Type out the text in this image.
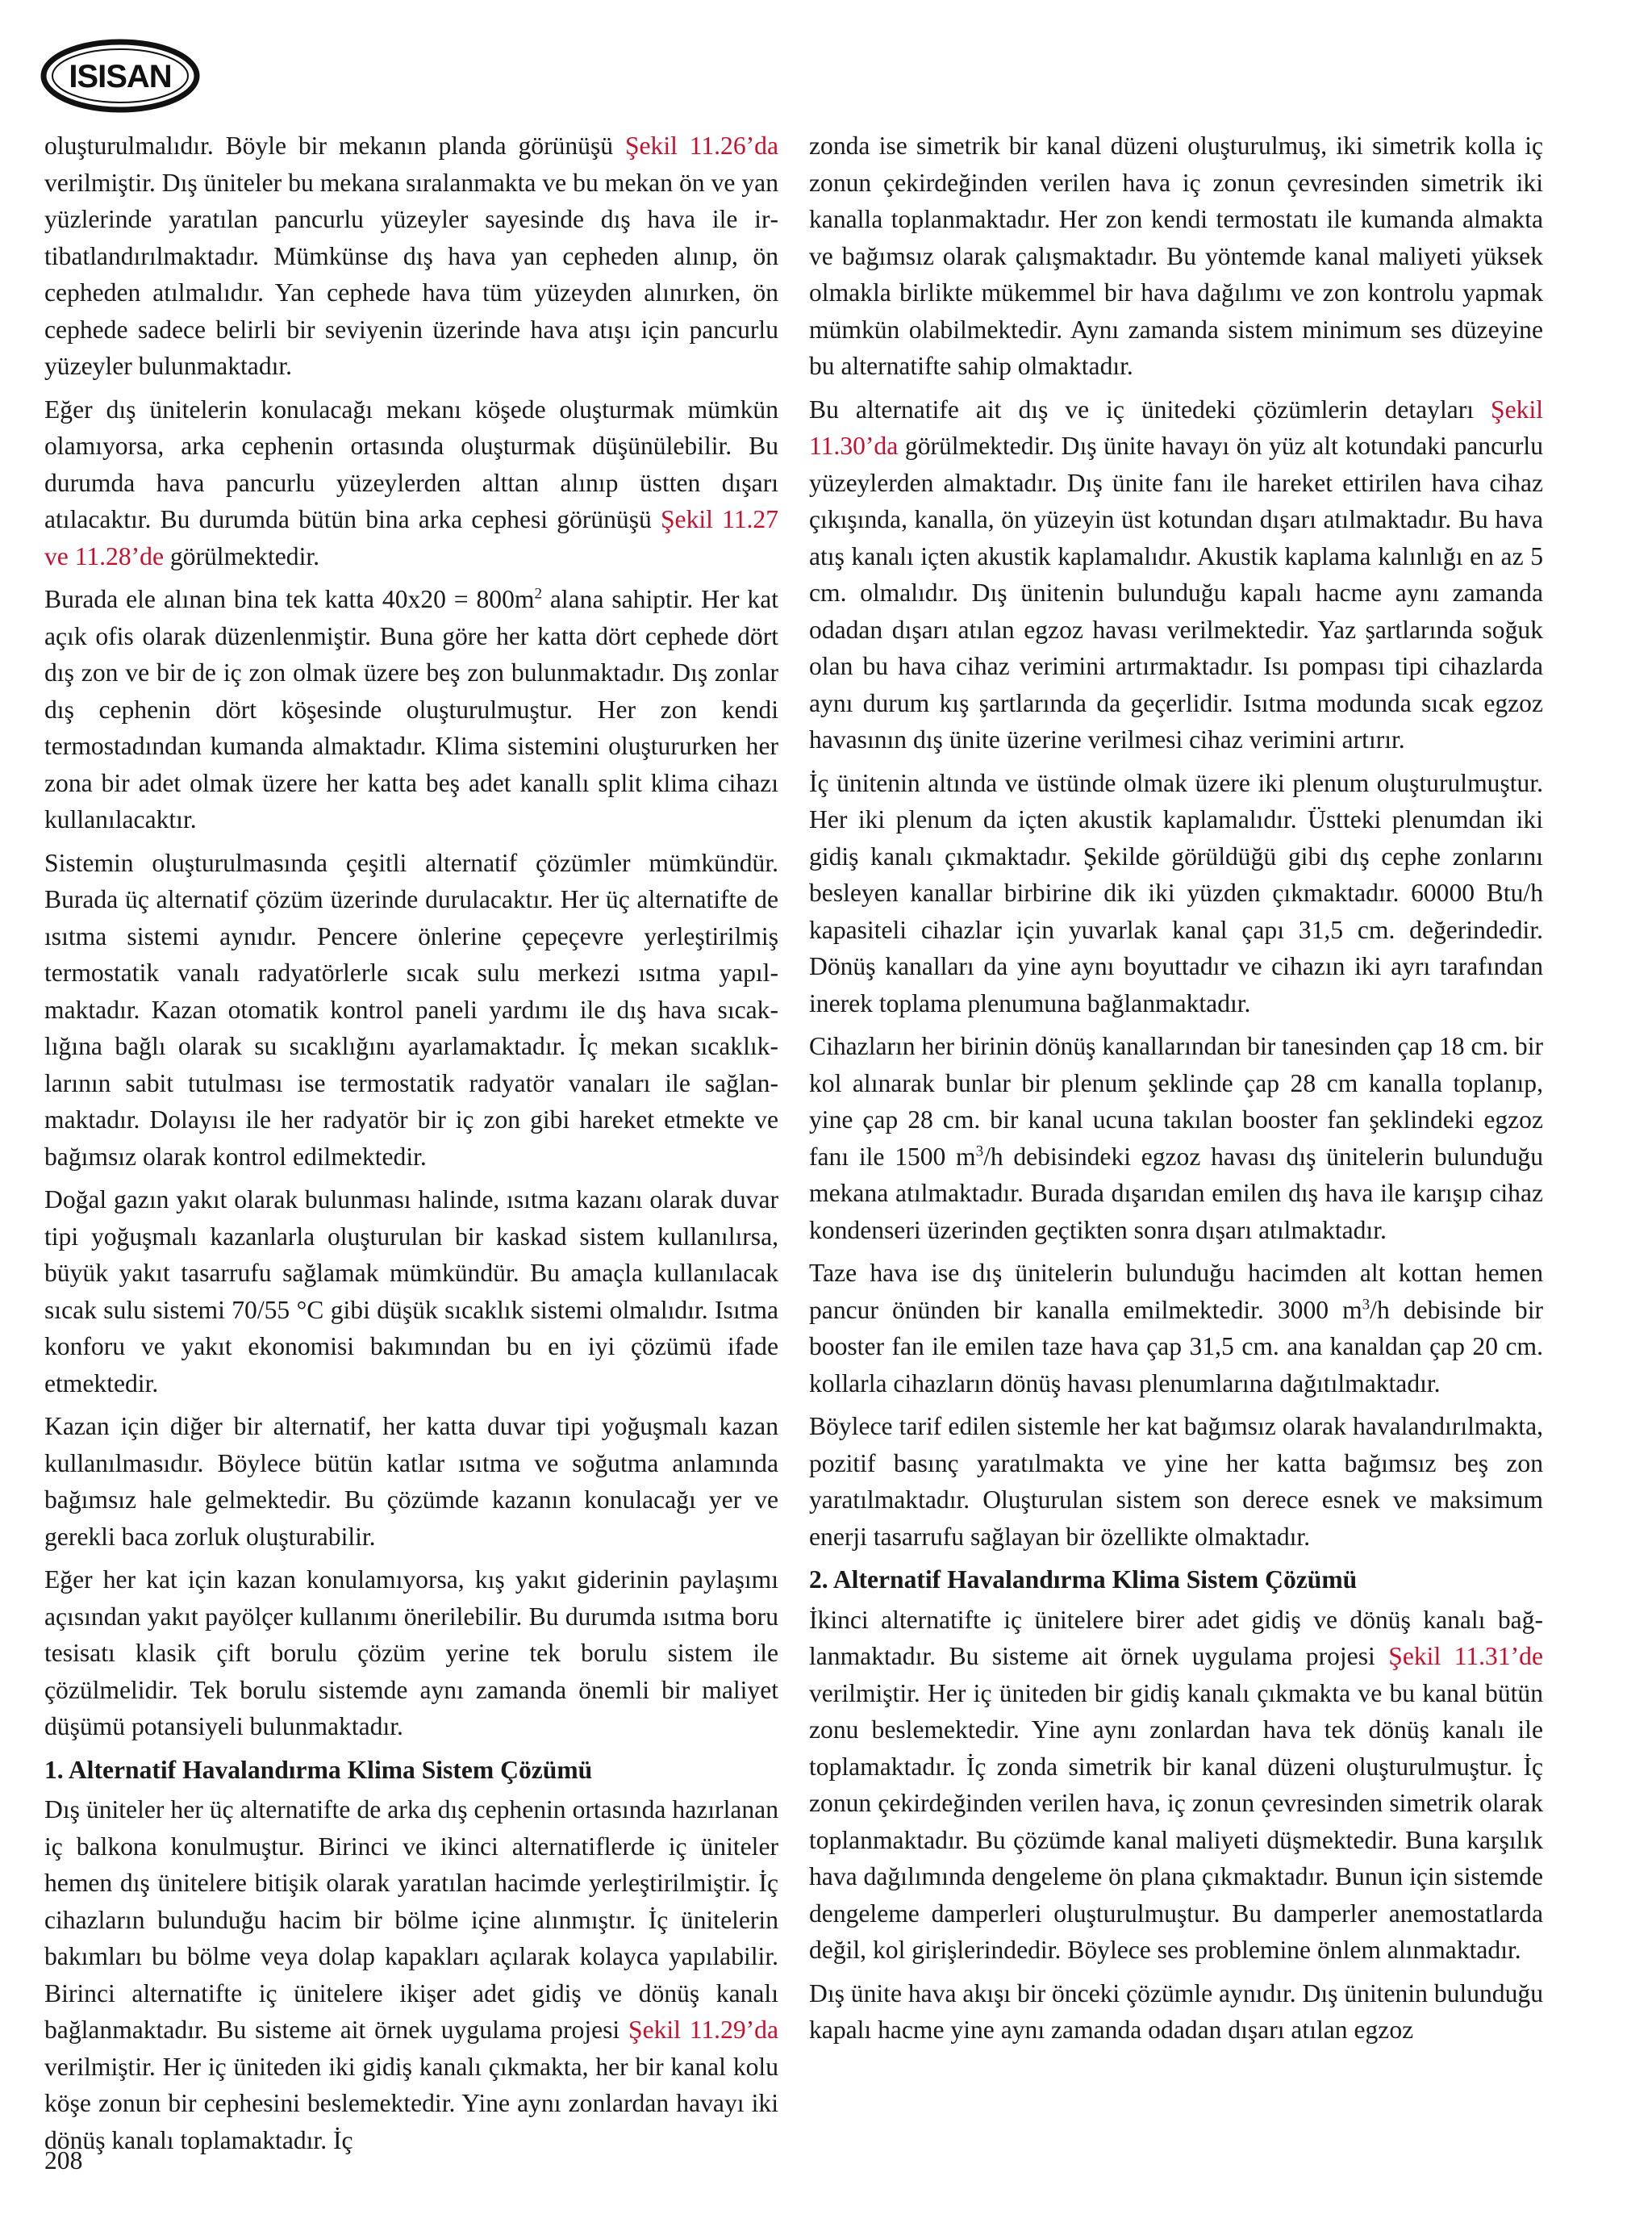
ISISAN

oluşturulmalıdır. Böyle bir mekanın planda görünüşü Şekil 11.26’da verilmiştir. Dış üniteler bu mekana sıralanmakta ve bu mekan ön ve yan yüzlerinde yaratılan pancurlu yüzeyler sayesinde dış hava ile irtibatlandırılmaktadır. Mümkünse dış hava yan cepheden alınıp, ön cepheden atılmalıdır. Yan cephede hava tüm yüzeyden alınırken, ön cephede sadece belirli bir seviyenin üzerinde hava atışı için pancurlu yüzeyler bulunmaktadır.

Eğer dış ünitelerin konulacağı mekanı köşede oluşturmak mümkün olamıyorsa, arka cephenin ortasında oluşturmak düşünülebilir. Bu durumda hava pancurlu yüzeylerden alttan alınıp üstten dışarı atılacaktır. Bu durumda bütün bina arka cephesi görünüşü Şekil 11.27 ve 11.28’de görülmektedir.

Burada ele alınan bina tek katta $40x20 = 800m^2$ alana sahiptir. Her kat açık ofis olarak düzenlenmiştir. Buna göre her katta dört cephede dört dış zon ve bir de iç zon olmak üzere beş zon bulunmaktadır. Dış zonlar dış cephenin dört köşesinde oluşturulmuştur. Her zon kendi termostadından kumanda almaktadır. Klima sistemini oluştururken her zona bir adet olmak üzere her katta beş adet kanallı split klima cihazı kullanılacaktır.

Sistemin oluşturulmasında çeşitli alternatif çözümler mümkündür. Burada üç alternatif çözüm üzerinde durulacaktır. Her üç alternatifte de ısıtma sistemi aynıdır. Pencere önlerine çepeçevre yerleştirilmiş termostatik vanalı radyatörlerle sıcak sulu merkezi ısıtma yapılmaktadır. Kazan otomatik kontrol paneli yardımı ile dış hava sıcaklığına bağlı olarak su sıcaklığını ayarlamaktadır. İç mekan sıcaklıklarının sabit tutulması ise termostatik radyatör vanaları ile sağlanmaktadır. Dolayısı ile her radyatör bir iç zon gibi hareket etmekte ve bağımsız olarak kontrol edilmektedir.

Doğal gazın yakıt olarak bulunması halinde, ısıtma kazanı olarak duvar tipi yoğuşmalı kazanlarla oluşturulan bir kaskad sistem kullanılırsa, büyük yakıt tasarrufu sağlamak mümkündür. Bu amaçla kullanılacak sıcak sulu sistemi 70/55 °C gibi düşük sıcaklık sistemi olmalıdır. Isıtma konforu ve yakıt ekonomisi bakımından bu en iyi çözümü ifade etmektedir.

Kazan için diğer bir alternatif, her katta duvar tipi yoğuşmalı kazan kullanılmasıdır. Böylece bütün katlar ısıtma ve soğutma anlamında bağımsız hale gelmektedir. Bu çözümde kazanın konulacağı yer ve gerekli baca zorluk oluşturabilir.

Eğer her kat için kazan konulamıyorsa, kış yakıt giderinin paylaşımı açısından yakıt payölçer kullanımı önerilebilir. Bu durumda ısıtma boru tesisatı klasik çift borulu çözüm yerine tek borulu sistem ile çözülmelidir. Tek borulu sistemde aynı zamanda önemli bir maliyet düşümü potansiyeli bulunmaktadır.

1. Alternatif Havalandırma Klima Sistem Çözümü

Dış üniteler her üç alternatifte de arka dış cephenin ortasında hazırlanan iç balkona konulmuştur. Birinci ve ikinci alternatiflerde iç üniteler hemen dış ünitelere bitişik olarak yaratılan hacimde yerleştirilmiştir. İç cihazların bulunduğu hacim bir bölme içine alınmıştır. İç ünitelerin bakımları bu bölme veya dolap kapakları açılarak kolayca yapılabilir. Birinci alternatifte iç ünitelere ikişer adet gidiş ve dönüş kanalı bağlanmaktadır. Bu sisteme ait örnek uygulama projesi Şekil 11.29’da verilmiştir. Her iç üniteden iki gidiş kanalı çıkmakta, her bir kanal kolu köşe zonun bir cephesini beslemektedir. Yine aynı zonlardan havayı iki dönüş kanalı toplamaktadır. İç

zonda ise simetrik bir kanal düzeni oluşturulmuş, iki simetrik kolla iç zonun çekirdeğinden verilen hava iç zonun çevresinden simetrik iki kanalla toplanmaktadır. Her zon kendi termostatı ile kumanda almakta ve bağımsız olarak çalışmaktadır. Bu yöntemde kanal maliyeti yüksek olmakla birlikte mükemmel bir hava dağılımı ve zon kontrolu yapmak mümkün olabilmektedir. Aynı zamanda sistem minimum ses düzeyine bu alternatifte sahip olmaktadır.

Bu alternatife ait dış ve iç ünitedeki çözümlerin detayları Şekil 11.30’da görülmektedir. Dış ünite havayı ön yüz alt kotundaki pancurlu yüzeylerden almaktadır. Dış ünite fanı ile hareket ettirilen hava cihaz çıkışında, kanalla, ön yüzeyin üst kotundan dışarı atılmaktadır. Bu hava atış kanalı içten akustik kaplamalıdır. Akustik kaplama kalınlığı en az 5 cm. olmalıdır. Dış ünitenin bulunduğu kapalı hacme aynı zamanda odadan dışarı atılan egzoz havası verilmektedir. Yaz şartlarında soğuk olan bu hava cihaz verimini artırmaktadır. Isı pompası tipi cihazlarda aynı durum kış şartlarında da geçerlidir. Isıtma modunda sıcak egzoz havasının dış ünite üzerine verilmesi cihaz verimini artırır.

İç ünitenin altında ve üstünde olmak üzere iki plenum oluşturulmuştur. Her iki plenum da içten akustik kaplamalıdır. Üstteki plenumdan iki gidiş kanalı çıkmaktadır. Şekilde görüldüğü gibi dış cephe zonlarını besleyen kanallar birbirine dik iki yüzden çıkmaktadır. 60000 Btu/h kapasiteli cihazlar için yuvarlak kanal çapı 31,5 cm. değerindedir. Dönüş kanalları da yine aynı boyuttadır ve cihazın iki ayrı tarafından inerek toplama plenumuna bağlanmaktadır.

Cihazların her birinin dönüş kanallarından bir tanesinden çap 18 cm. bir kol alınarak bunlar bir plenum şeklinde çap 28 cm kanalla toplanıp, yine çap 28 cm. bir kanal ucuna takılan booster fan şeklindeki egzoz fanı ile 1500 $m^3/h$ debisindeki egzoz havası dış ünitelerin bulunduğu mekana atılmaktadır. Burada dışarıdan emilen dış hava ile karışıp cihaz kondenseri üzerinden geçtikten sonra dışarı atılmaktadır.

Taze hava ise dış ünitelerin bulunduğu hacimden alt kottan hemen pancur önünden bir kanalla emilmektedir. 3000 $m^3/h$ debisinde bir booster fan ile emilen taze hava çap 31,5 cm. ana kanaldan çap 20 cm. kollarla cihazların dönüş havası plenumlarına dağıtılmaktadır.

Böylece tarif edilen sistemle her kat bağımsız olarak havalandırılmakta, pozitif basınç yaratılmakta ve yine her katta bağımsız beş zon yaratılmaktadır. Oluşturulan sistem son derece esnek ve maksimum enerji tasarrufu sağlayan bir özellikte olmaktadır.

2. Alternatif Havalandırma Klima Sistem Çözümü

İkinci alternatifte iç ünitelere birer adet gidiş ve dönüş kanalı bağlanmaktadır. Bu sisteme ait örnek uygulama projesi Şekil 11.31’de verilmiştir. Her iç üniteden bir gidiş kanalı çıkmakta ve bu kanal bütün zonu beslemektedir. Yine aynı zonlardan hava tek dönüş kanalı ile toplamaktadır. İç zonda simetrik bir kanal düzeni oluşturulmuştur. İç zonun çekirdeğinden verilen hava, iç zonun çevresinden simetrik olarak toplanmaktadır. Bu çözümde kanal maliyeti düşmektedir. Buna karşılık hava dağılımında dengeleme ön plana çıkmaktadır. Bunun için sistemde dengeleme damperleri oluşturulmuştur. Bu damperler anemostatlarda değil, kol girişlerindedir. Böylece ses problemine önlem alınmaktadır.

Dış ünite hava akışı bir önceki çözümle aynıdır. Dış ünitenin bulunduğu kapalı hacme yine aynı zamanda odadan dışarı atılan egzoz

208
